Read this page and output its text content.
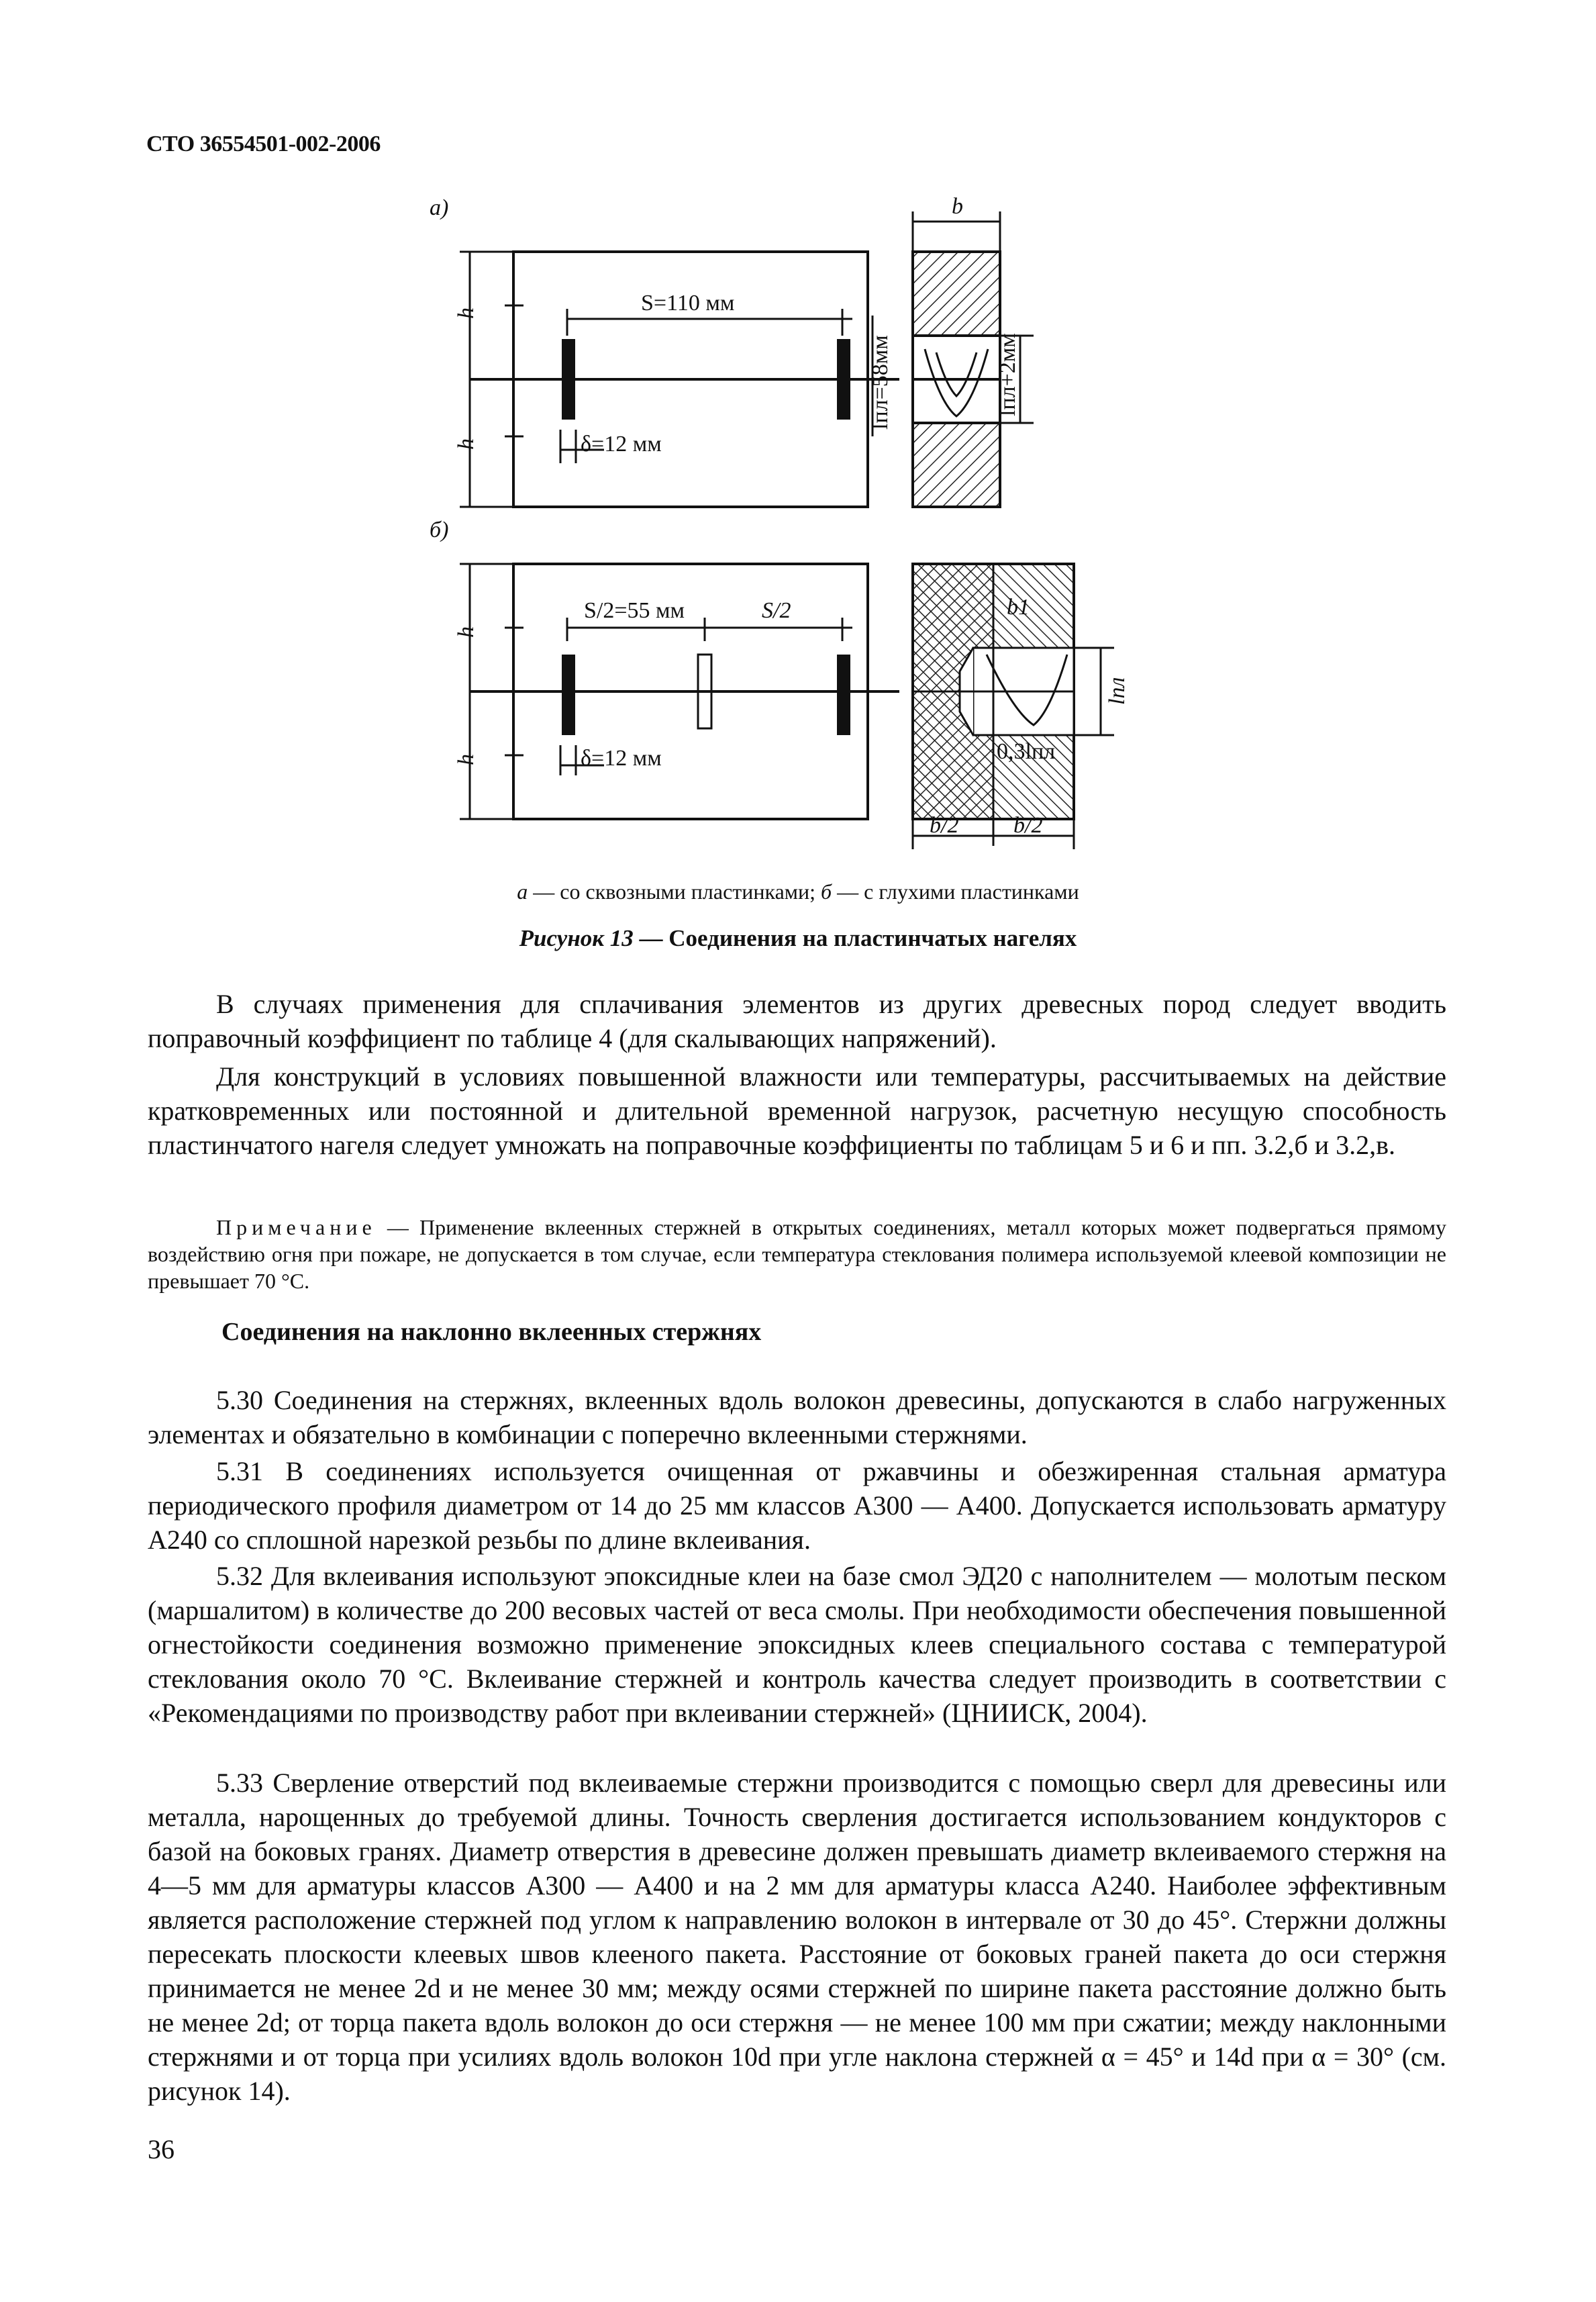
СТО 36554501-002-2006
а)
S=110 мм
δ=12 мм
h
h
lпл=58мм
b
lпл+2мм
б)
S/2=55 мм	S/2
δ=12 мм
h
h
b1
lпл
0,3lпл
b/2 b/2
а — со сквозными пластинками; б — с глухими пластинками
Рисунок 13 — Соединения на пластинчатых нагелях

В случаях применения для сплачивания элементов из других древесных пород следует вводить поправочный коэффициент по таблице 4 (для скалывающих напряжений).

Для конструкций в условиях повышенной влажности или температуры, рассчитываемых на действие кратковременных или постоянной и длительной временной нагрузок, расчетную несущую способность пластинчатого нагеля следует умножать на поправочные коэффициенты по таблицам 5 и 6 и пп. 3.2,б и 3.2,в.

Примечание — Применение вклеенных стержней в открытых соединениях, металл которых может подвергаться прямому воздействию огня при пожаре, не допускается в том случае, если температура стеклования полимера используемой клеевой композиции не превышает 70 °С.

Соединения на наклонно вклеенных стержнях

5.30 Соединения на стержнях, вклеенных вдоль волокон древесины, допускаются в слабо нагруженных элементах и обязательно в комбинации с поперечно вклеенными стержнями.

5.31 В соединениях используется очищенная от ржавчины и обезжиренная стальная арматура периодического профиля диаметром от 14 до 25 мм классов А300 — А400. Допускается использовать арматуру А240 со сплошной нарезкой резьбы по длине вклеивания.

5.32 Для вклеивания используют эпоксидные клеи на базе смол ЭД20 с наполнителем — молотым песком (маршалитом) в количестве до 200 весовых частей от веса смолы. При необходимости обеспечения повышенной огнестойкости соединения возможно применение эпоксидных клеев специального состава с температурой стеклования около 70 °С. Вклеивание стержней и контроль качества следует производить в соответствии с «Рекомендациями по производству работ при вклеивании стержней» (ЦНИИСК, 2004).

5.33 Сверление отверстий под вклеиваемые стержни производится с помощью сверл для древесины или металла, нарощенных до требуемой длины. Точность сверления достигается использованием кондукторов с базой на боковых гранях. Диаметр отверстия в древесине должен превышать диаметр вклеиваемого стержня на 4—5 мм для арматуры классов А300 — А400 и на 2 мм для арматуры класса А240. Наиболее эффективным является расположение стержней под углом к направлению волокон в интервале от 30 до 45°. Стержни должны пересекать плоскости клеевых швов клееного пакета. Расстояние от боковых граней пакета до оси стержня принимается не менее 2d и не менее 30 мм; между осями стержней по ширине пакета расстояние должно быть не менее 2d; от торца пакета вдоль волокон до оси стержня — не менее 100 мм при сжатии; между наклонными стержнями и от торца при усилиях вдоль волокон 10d при угле наклона стержней α = 45° и 14d при α = 30° (см. рисунок 14).

36
